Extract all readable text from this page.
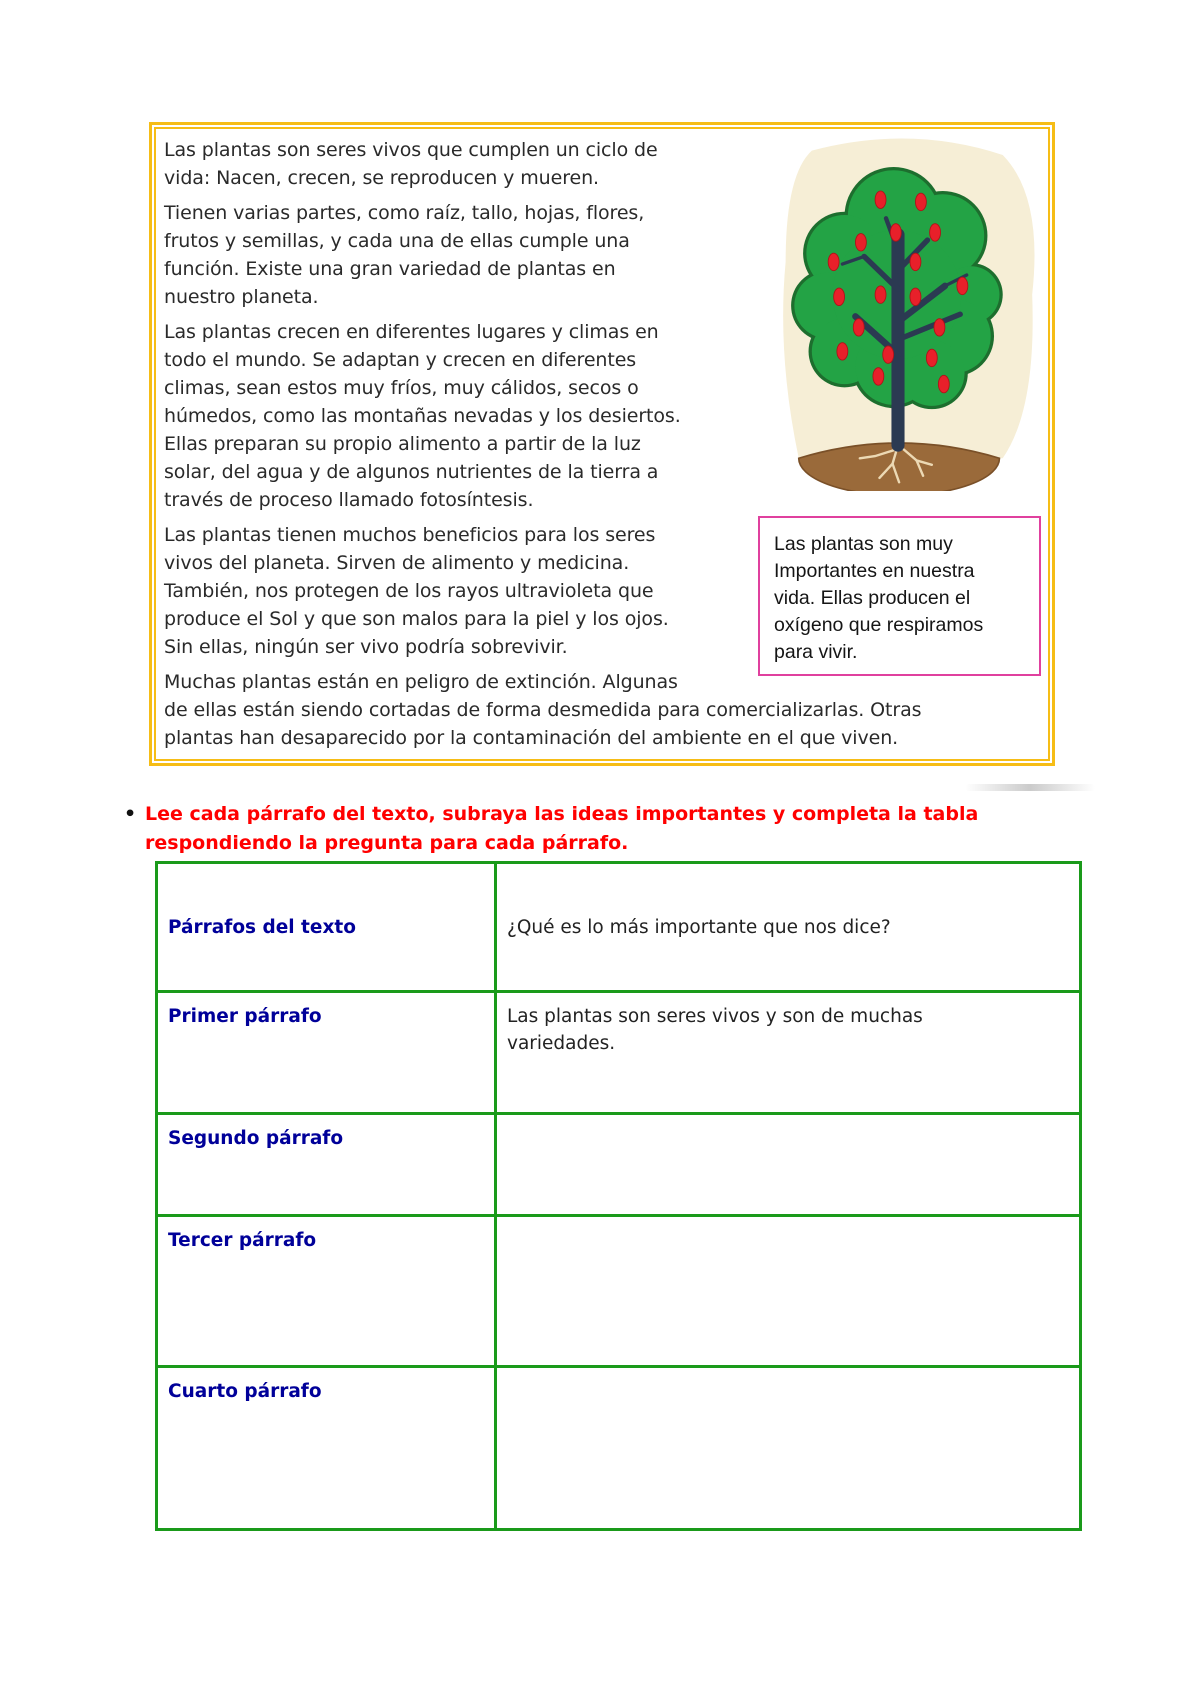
Las plantas son seres vivos que cumplen un ciclo de
vida: Nacen, crecen, se reproducen y mueren.
Tienen varias partes, como raíz, tallo, hojas, flores,
frutos y semillas, y cada una de ellas cumple una
función. Existe una gran variedad de plantas en
nuestro planeta.
Las plantas crecen en diferentes lugares y climas en
todo el mundo. Se adaptan y crecen en diferentes
climas, sean estos muy fríos, muy cálidos, secos o
húmedos, como las montañas nevadas y los desiertos.
Ellas preparan su propio alimento a partir de la luz
solar, del agua y de algunos nutrientes de la tierra a
través de proceso llamado fotosíntesis.
Las plantas tienen muchos beneficios para los seres
vivos del planeta. Sirven de alimento y medicina.
También, nos protegen de los rayos ultravioleta que
produce el Sol y que son malos para la piel y los ojos.
Sin ellas, ningún ser vivo podría sobrevivir.
Muchas plantas están en peligro de extinción. Algunas
de ellas están siendo cortadas de forma desmedida para comercializarlas. Otras
plantas han desaparecido por la contaminación del ambiente en el que viven.
Las plantas son muy
Importantes en nuestra
vida. Ellas producen el
oxígeno que respiramos
para vivir.
• Lee cada párrafo del texto, subraya las ideas importantes y completa la tabla
respondiendo la pregunta para cada párrafo.
Párrafos del texto	¿Qué es lo más importante que nos dice?
Primer párrafo	Las plantas son seres vivos y son de muchas variedades.
Segundo párrafo	
Tercer párrafo	
Cuarto párrafo	
